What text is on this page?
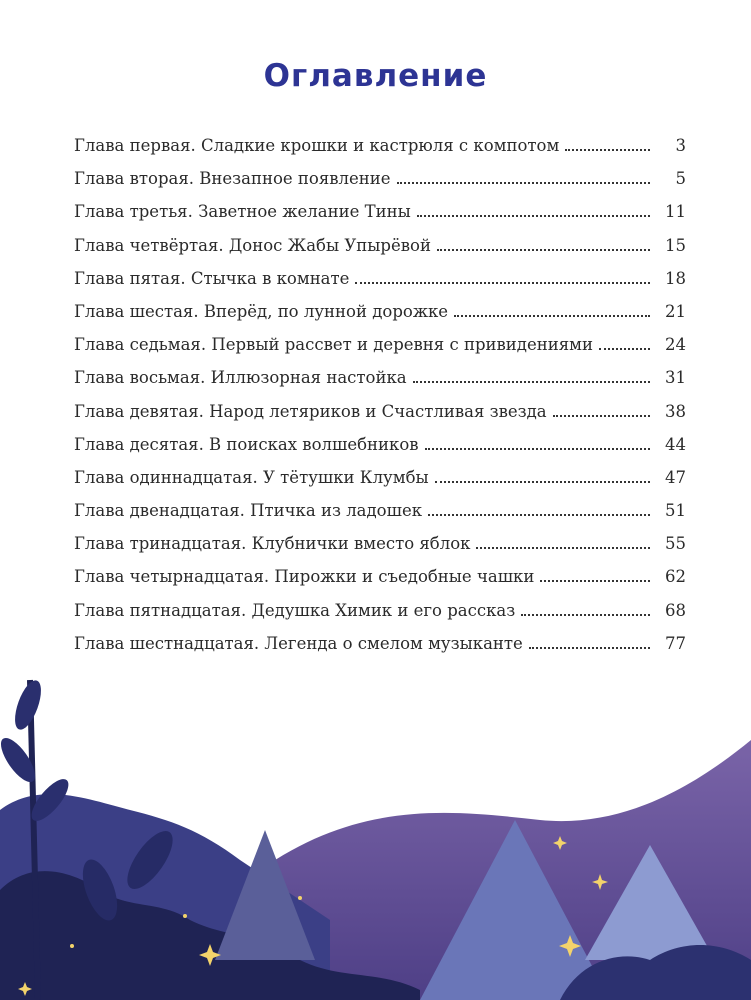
Оглавление
Глава первая. Сладкие крошки и кастрюля с компотом	3
Глава вторая. Внезапное появление	5
Глава третья. Заветное желание Тины	11
Глава четвёртая. Донос Жабы Упырёвой	15
Глава пятая. Стычка в комнате	18
Глава шестая. Вперёд, по лунной дорожке	21
Глава седьмая. Первый рассвет и деревня с привидениями	24
Глава восьмая. Иллюзорная настойка	31
Глава девятая. Народ летяриков и Счастливая звезда	38
Глава десятая. В поисках волшебников	44
Глава одиннадцатая. У тётушки Клумбы	47
Глава двенадцатая. Птичка из ладошек	51
Глава тринадцатая. Клубнички вместо яблок	55
Глава четырнадцатая. Пирожки и съедобные чашки	62
Глава пятнадцатая. Дедушка Химик и его рассказ	68
Глава шестнадцатая. Легенда о смелом музыканте	77
